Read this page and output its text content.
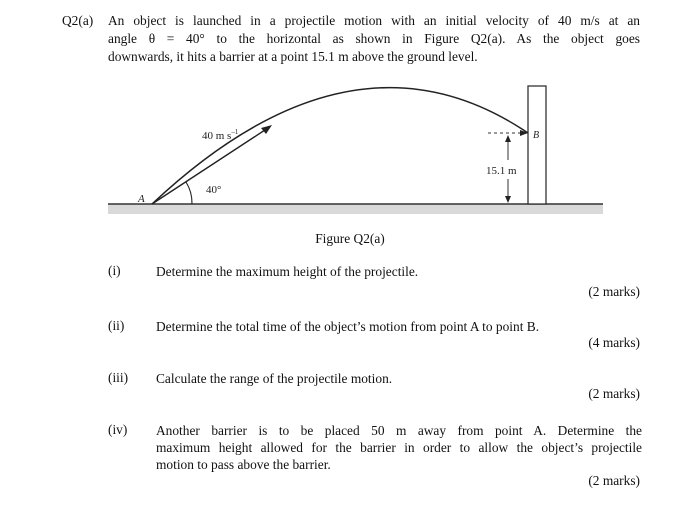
Q2(a) An object is launched in a projectile motion with an initial velocity of 40 m/s at an
angle θ = 40° to the horizontal as shown in Figure Q2(a). As the object goes
downwards, it hits a barrier at a point 15.1 m above the ground level.
A
B
40 m $s^{-1}$
40°
15.1 m
Figure Q2(a)
(i)	Determine the maximum height of the projectile.
(2 marks)
(ii) Determine the total time of the object’s motion from point A to point B.
(4 marks)
(iii) Calculate the range of the projectile motion.
(2 marks)
(iv) Another barrier is to be placed 50 m away from point A. Determine the
maximum height allowed for the barrier in order to allow the object’s projectile
motion to pass above the barrier.
(2 marks)
